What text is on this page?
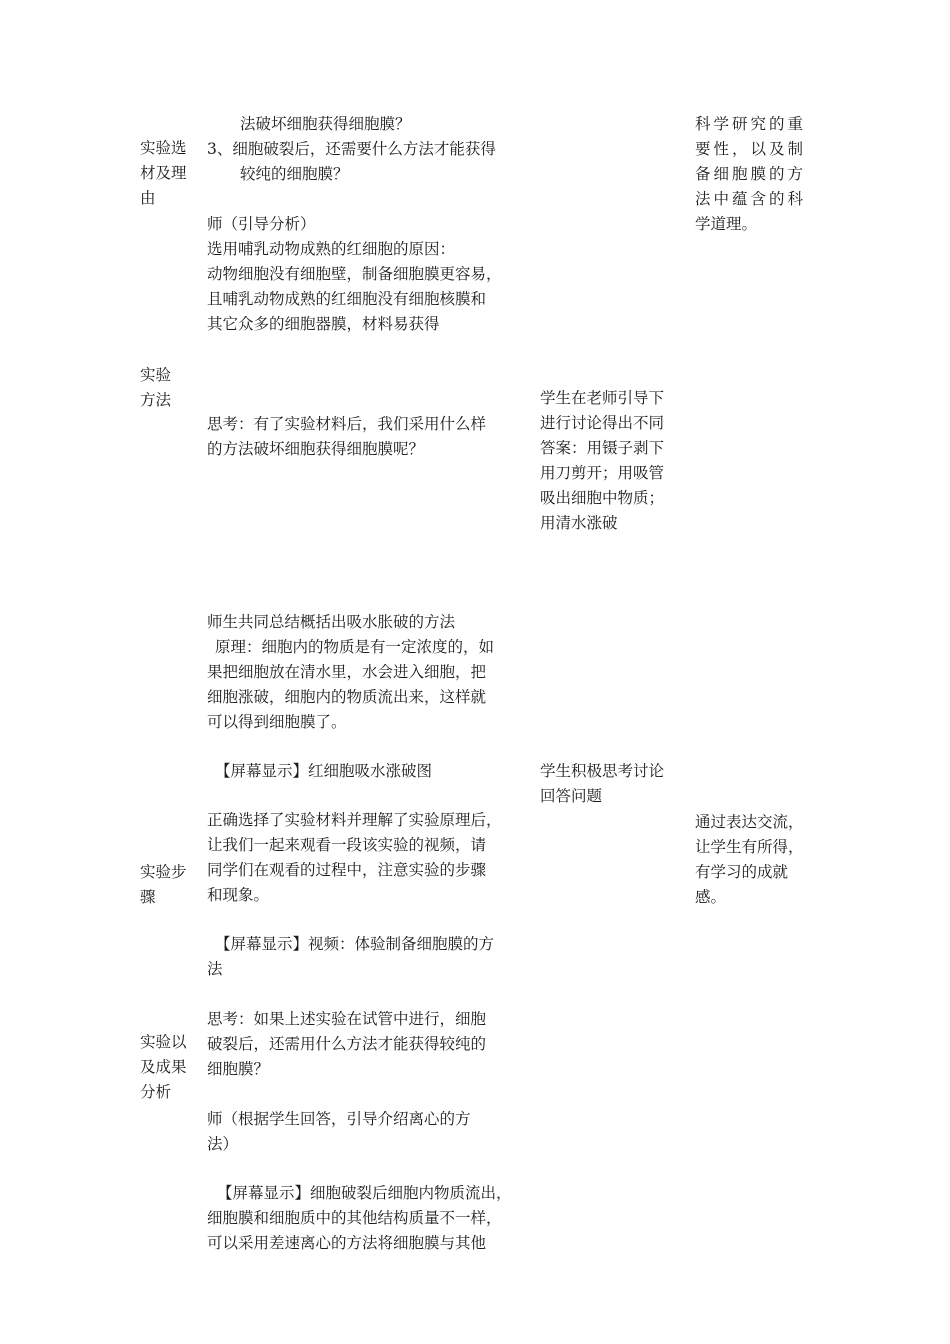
实验选

材及理

由

实验

方法

实验步

骤

实验以

及成果

分析

法破坏细胞获得细胞膜？

3、细胞破裂后，还需要什么方法才能获得

较纯的细胞膜？

师（引导分析）

选用哺乳动物成熟的红细胞的原因：

动物细胞没有细胞壁，制备细胞膜更容易，

且哺乳动物成熟的红细胞没有细胞核膜和

其它众多的细胞器膜，材料易获得

思考：有了实验材料后，我们采用什么样

的方法破坏细胞获得细胞膜呢？

师生共同总结概括出吸水胀破的方法

原理：细胞内的物质是有一定浓度的，如

果把细胞放在清水里，水会进入细胞，把

细胞涨破，细胞内的物质流出来，这样就

可以得到细胞膜了。

【屏幕显示】红细胞吸水涨破图

正确选择了实验材料并理解了实验原理后，

让我们一起来观看一段该实验的视频，请

同学们在观看的过程中，注意实验的步骤

和现象。

【屏幕显示】视频：体验制备细胞膜的方

法

思考：如果上述实验在试管中进行，细胞

破裂后，还需用什么方法才能获得较纯的

细胞膜？

师（根据学生回答，引导介绍离心的方

法）

【屏幕显示】细胞破裂后细胞内物质流出，

细胞膜和细胞质中的其他结构质量不一样，

可以采用差速离心的方法将细胞膜与其他

学生在老师引导下

进行讨论得出不同

答案：用镊子剥下

用刀剪开；用吸管

吸出细胞中物质；

用清水涨破

学生积极思考讨论

回答问题

科学研究的重

要性，以及制

备细胞膜的方

法中蕴含的科

学道理。

通过表达交流，

让学生有所得，

有学习的成就

感。
